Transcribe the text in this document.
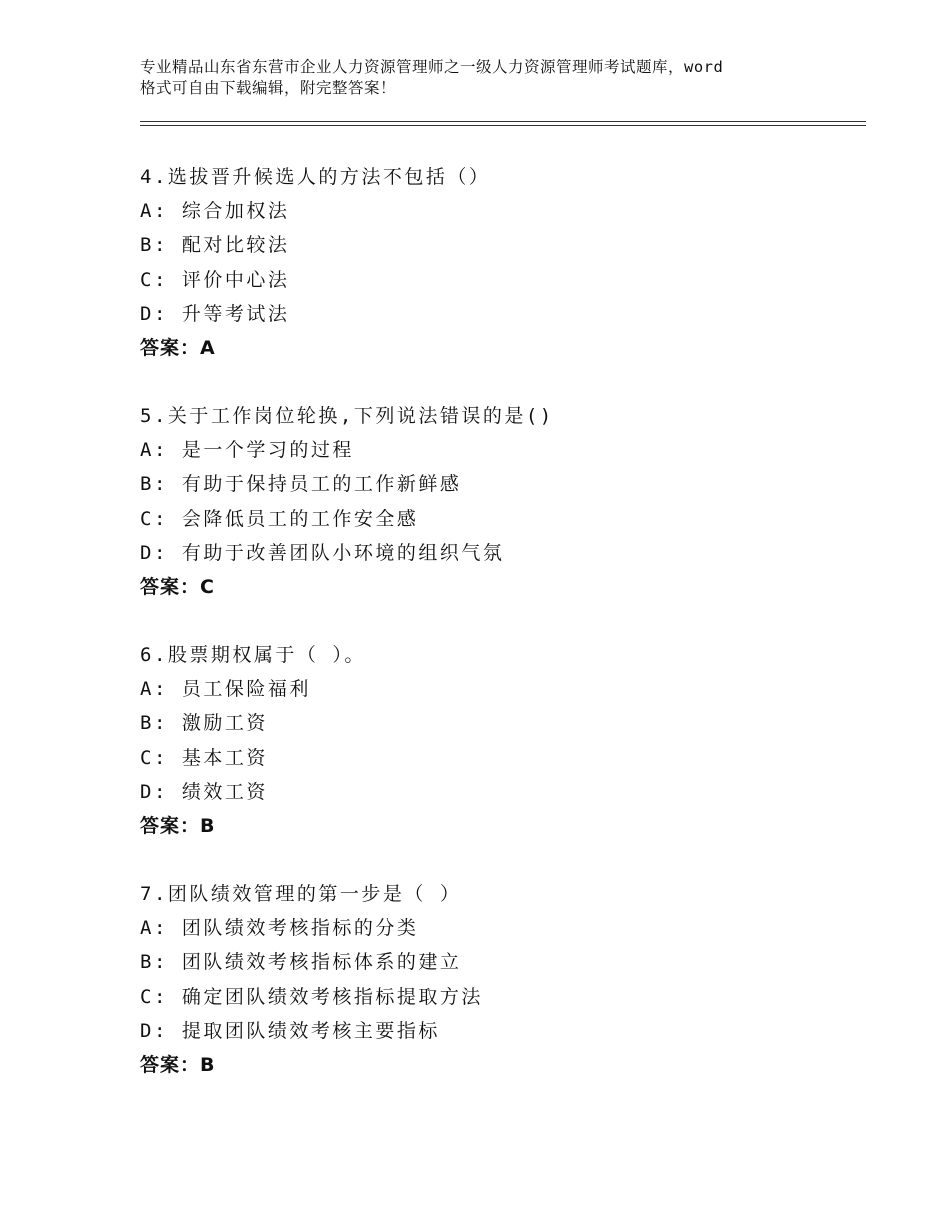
专业精品山东省东营市企业人力资源管理师之一级人力资源管理师考试题库，word
格式可自由下载编辑，附完整答案！
4.选拔晋升候选人的方法不包括（）
A: 综合加权法
B: 配对比较法
C: 评价中心法
D: 升等考试法
答案：A
5.关于工作岗位轮换,下列说法错误的是()
A: 是一个学习的过程
B: 有助于保持员工的工作新鲜感
C: 会降低员工的工作安全感
D: 有助于改善团队小环境的组织气氛
答案：C
6.股票期权属于（ ）。
A: 员工保险福利
B: 激励工资
C: 基本工资
D: 绩效工资
答案：B
7.团队绩效管理的第一步是（ ）
A: 团队绩效考核指标的分类
B: 团队绩效考核指标体系的建立
C: 确定团队绩效考核指标提取方法
D: 提取团队绩效考核主要指标
答案：B
